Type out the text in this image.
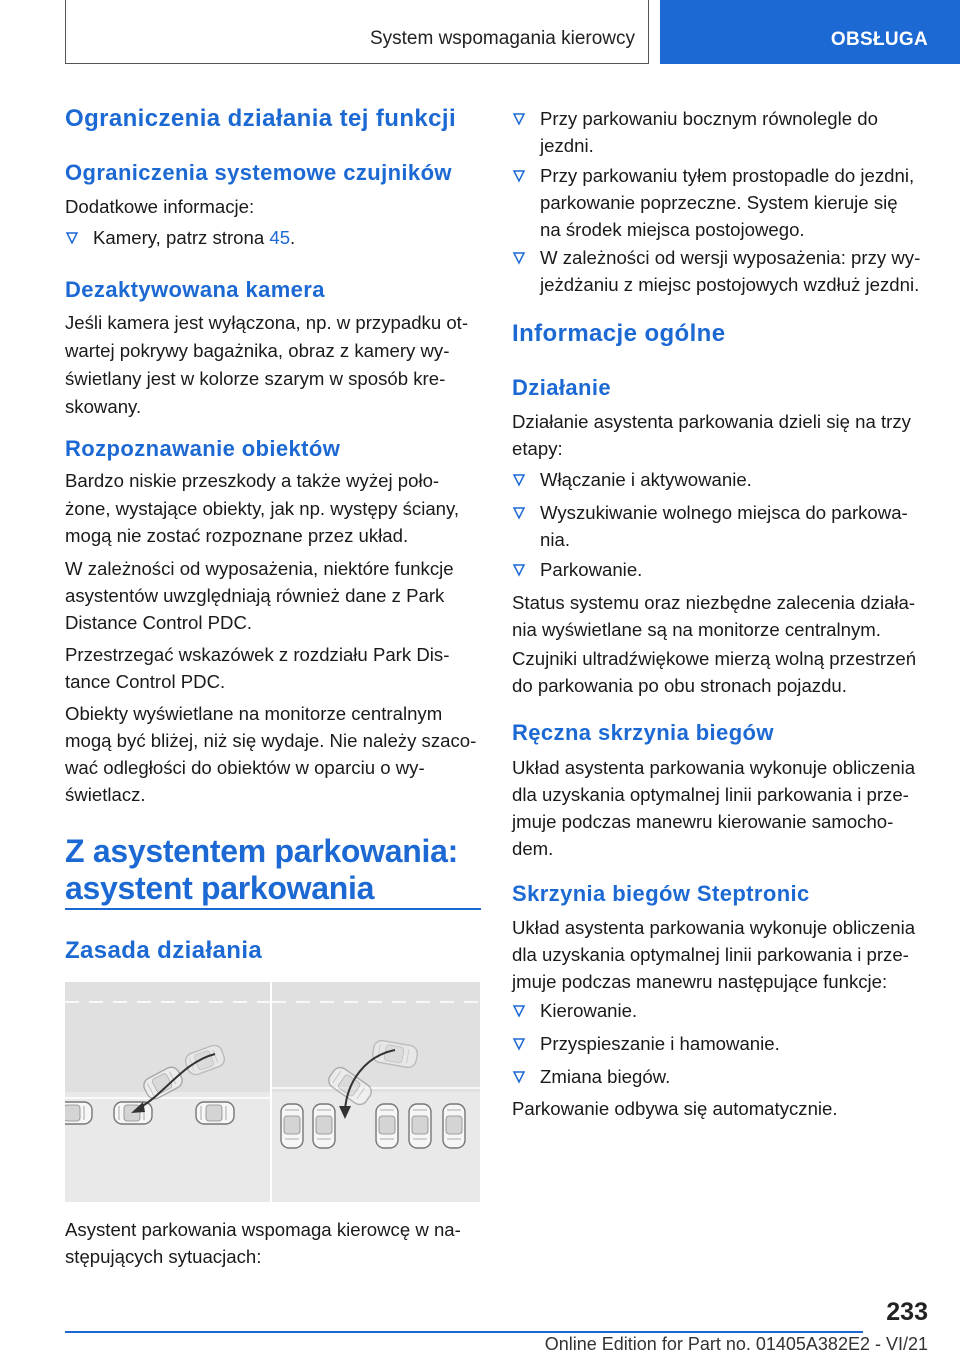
System wspomagania kierowcy	OBSŁUGA
Ograniczenia działania tej funkcji
Ograniczenia systemowe czujników
Dodatkowe informacje:
Kamery, patrz strona 45.
Dezaktywowana kamera
Jeśli kamera jest wyłączona, np. w przypadku ot-
wartej pokrywy bagażnika, obraz z kamery wy-
świetlany jest w kolorze szarym w sposób kre-
skowany.
Rozpoznawanie obiektów
Bardzo niskie przeszkody a także wyżej poło-
żone, wystające obiekty, jak np. występy ściany,
mogą nie zostać rozpoznane przez układ.
W zależności od wyposażenia, niektóre funkcje
asystentów uwzględniają również dane z Park
Distance Control PDC.
Przestrzegać wskazówek z rozdziału Park Dis-
tance Control PDC.
Obiekty wyświetlane na monitorze centralnym
mogą być bliżej, niż się wydaje. Nie należy szaco-
wać odległości do obiektów w oparciu o wy-
świetlacz.
Z asystentem parkowania:
asystent parkowania
Zasada działania
Asystent parkowania wspomaga kierowcę w na-
stępujących sytuacjach:
Przy parkowaniu bocznym równolegle do
jezdni.
Przy parkowaniu tyłem prostopadle do jezdni,
parkowanie poprzeczne. System kieruje się
na środek miejsca postojowego.
W zależności od wersji wyposażenia: przy wy-
jeżdżaniu z miejsc postojowych wzdłuż jezdni.
Informacje ogólne
Działanie
Działanie asystenta parkowania dzieli się na trzy
etapy:
Włączanie i aktywowanie.
Wyszukiwanie wolnego miejsca do parkowa-
nia.
Parkowanie.
Status systemu oraz niezbędne zalecenia działa-
nia wyświetlane są na monitorze centralnym.
Czujniki ultradźwiękowe mierzą wolną przestrzeń
do parkowania po obu stronach pojazdu.
Ręczna skrzynia biegów
Układ asystenta parkowania wykonuje obliczenia
dla uzyskania optymalnej linii parkowania i prze-
jmuje podczas manewru kierowanie samocho-
dem.
Skrzynia biegów Steptronic
Układ asystenta parkowania wykonuje obliczenia
dla uzyskania optymalnej linii parkowania i prze-
jmuje podczas manewru następujące funkcje:
Kierowanie.
Przyspieszanie i hamowanie.
Zmiana biegów.
Parkowanie odbywa się automatycznie.
233
Online Edition for Part no. 01405A382E2 - VI/21
